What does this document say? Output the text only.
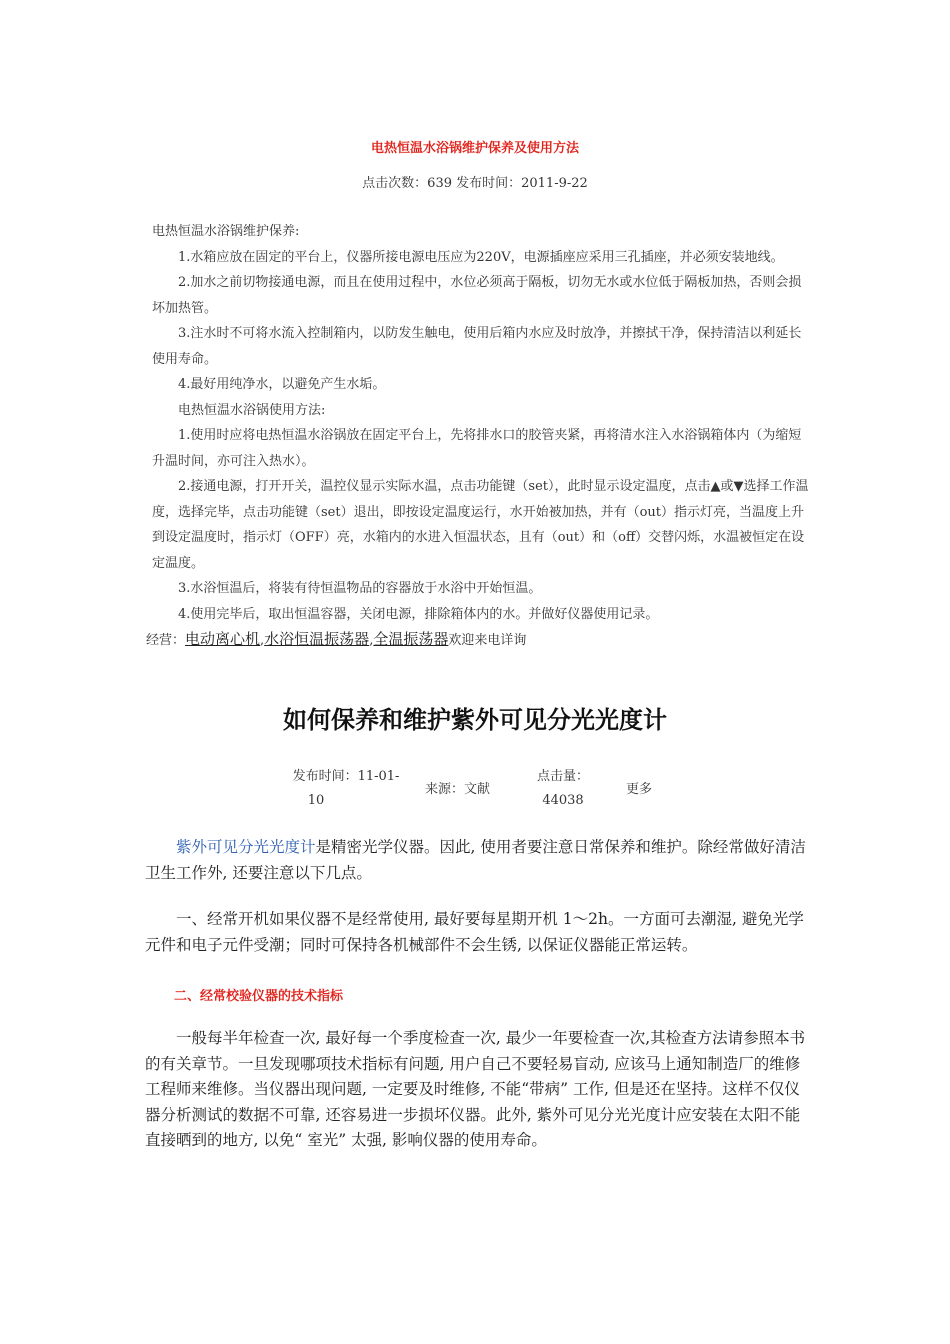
电热恒温水浴锅维护保养及使用方法
点击次数：639 发布时间：2011-9-22

电热恒温水浴锅维护保养:

1.水箱应放在固定的平台上，仪器所接电源电压应为220V，电源插座应采用三孔插座，并必须安装地线。

2.加水之前切物接通电源，而且在使用过程中，水位必须高于隔板，切勿无水或水位低于隔板加热，否则会损坏加热管。

3.注水时不可将水流入控制箱内，以防发生触电，使用后箱内水应及时放净，并擦拭干净，保持清洁以利延长使用寿命。

4.最好用纯净水，以避免产生水垢。

电热恒温水浴锅使用方法:

1.使用时应将电热恒温水浴锅放在固定平台上，先将排水口的胶管夹紧，再将清水注入水浴锅箱体内（为缩短升温时间，亦可注入热水）。

2.接通电源，打开开关，温控仪显示实际水温，点击功能键（set），此时显示设定温度，点击▲或▼选择工作温度，选择完毕，点击功能键（set）退出，即按设定温度运行，水开始被加热，并有（out）指示灯亮，当温度上升到设定温度时，指示灯（OFF）亮，水箱内的水进入恒温状态，且有（out）和（off）交替闪烁，水温被恒定在设定温度。

3.水浴恒温后，将装有待恒温物品的容器放于水浴中开始恒温。

4.使用完毕后，取出恒温容器，关闭电源，排除箱体内的水。并做好仪器使用记录。

经营：电动离心机,水浴恒温振荡器,全温振荡器欢迎来电详询

如何保养和维护紫外可见分光光度计
发布时间：11-01-
10
来源：文献
点击量：
44038
更多

紫外可见分光光度计是精密光学仪器。因此, 使用者要注意日常保养和维护。除经常做好清洁卫生工作外, 还要注意以下几点。

一、经常开机如果仪器不是经常使用, 最好要每星期开机 1～2h。一方面可去潮湿, 避免光学元件和电子元件受潮；同时可保持各机械部件不会生锈, 以保证仪器能正常运转。

二、经常校验仪器的技术指标

一般每半年检查一次, 最好每一个季度检查一次, 最少一年要检查一次,其检查方法请参照本书的有关章节。一旦发现哪项技术指标有问题, 用户自己不要轻易盲动, 应该马上通知制造厂的维修工程师来维修。当仪器出现问题, 一定要及时维修, 不能“带病” 工作, 但是还在坚持。这样不仅仪器分析测试的数据不可靠, 还容易进一步损坏仪器。此外, 紫外可见分光光度计应安装在太阳不能直接晒到的地方, 以免“ 室光” 太强, 影响仪器的使用寿命。
